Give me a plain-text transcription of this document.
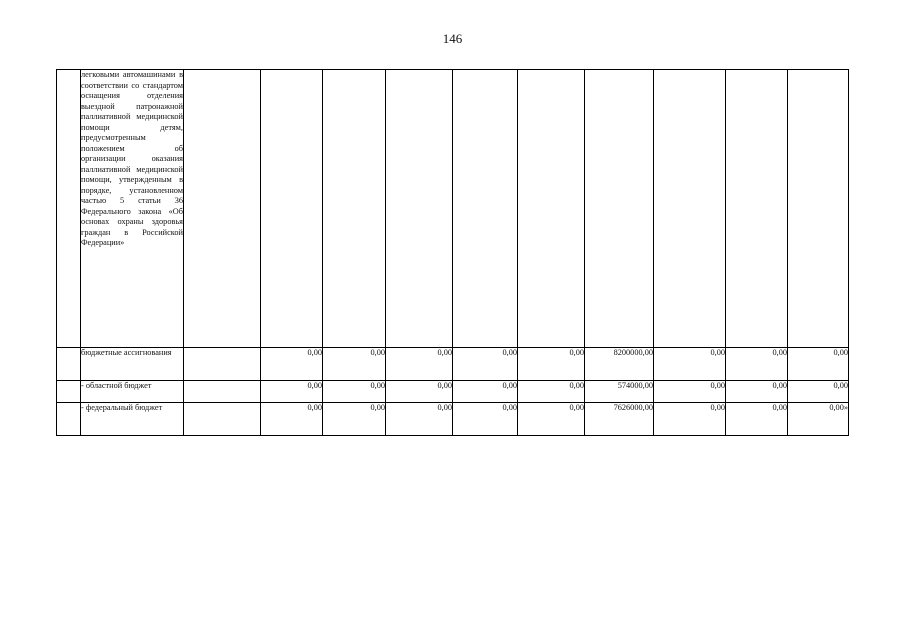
146

	легковыми автомашинами в соответствии со стандартом оснащения отделения выездной патронажной паллиативной медицинской помощи детям, предусмотренным положением об организации оказания паллиативной медицинской помощи, утвержденным в порядке, установленном частью 5 статьи 36 Федерального закона «Об основах охраны здоровья граждан в Российской Федерации»										

	бюджетные ассигнования		0,00	0,00	0,00	0,00	0,00	8200000,00	0,00	0,00	0,00
	- областной бюджет		0,00	0,00	0,00	0,00	0,00	574000,00	0,00	0,00	0,00
	- федеральный бюджет		0,00	0,00	0,00	0,00	0,00	7626000,00	0,00	0,00	0,00»
